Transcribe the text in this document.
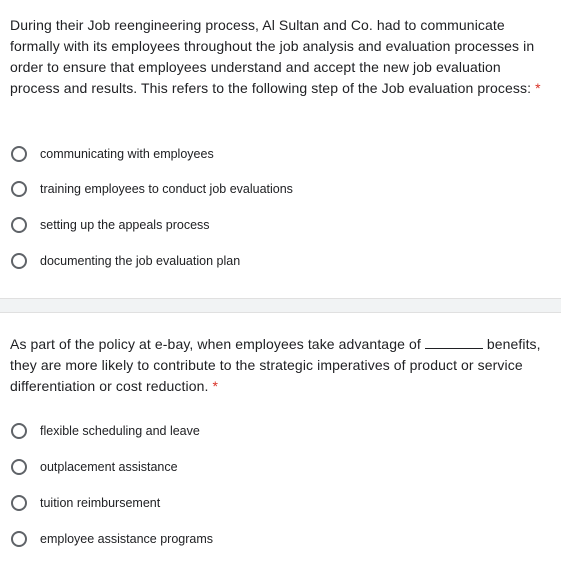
During their Job reengineering process, Al Sultan and Co. had to communicate formally with its employees throughout the job analysis and evaluation processes in order to ensure that employees understand and accept the new job evaluation process and results. This refers to the following step of the Job evaluation process: *

communicating with employees
training employees to conduct job evaluations
setting up the appeals process
documenting the job evaluation plan

As part of the policy at e-bay, when employees take advantage of	benefits, they are more likely to contribute to the strategic imperatives of product or service differentiation or cost reduction. *

flexible scheduling and leave
outplacement assistance
tuition reimbursement
employee assistance programs
